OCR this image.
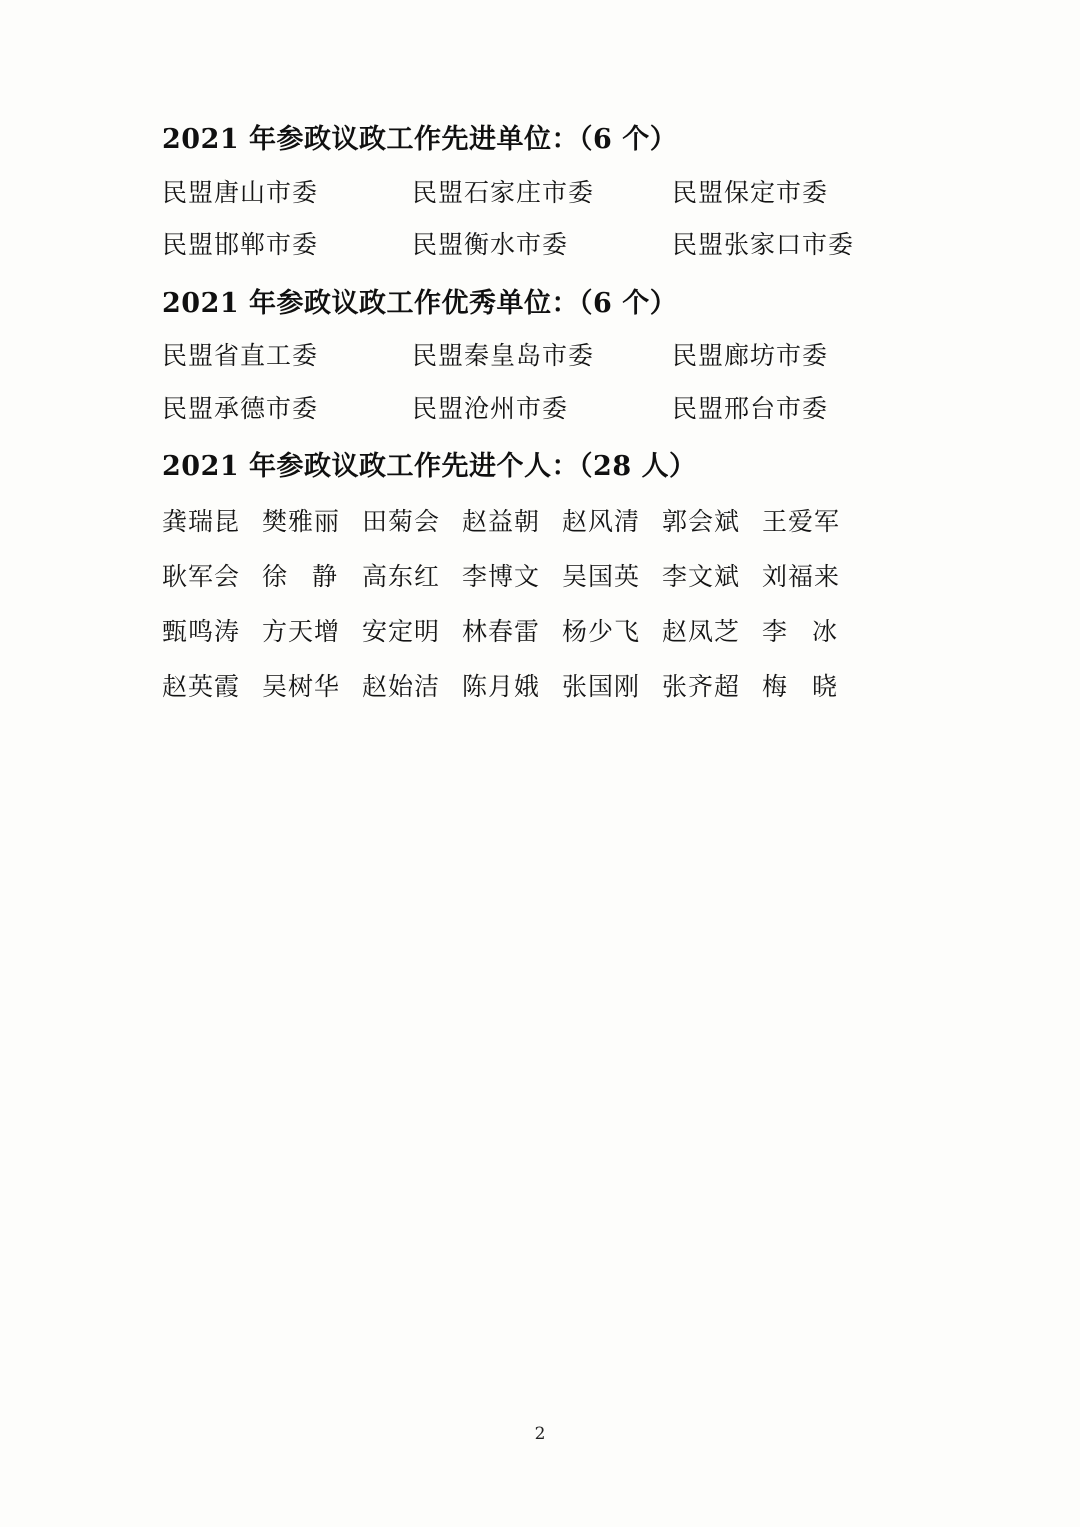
2021 年参政议政工作先进单位：（6 个）
民盟唐山市委	民盟石家庄市委	民盟保定市委
民盟邯郸市委	民盟衡水市委	民盟张家口市委
2021 年参政议政工作优秀单位：（6 个）
民盟省直工委	民盟秦皇岛市委	民盟廊坊市委
民盟承德市委	民盟沧州市委	民盟邢台市委
2021 年参政议政工作先进个人：（28 人）
龚瑞昆 樊雅丽 田菊会 赵益朝 赵风清 郭会斌 王爱军
耿军会 徐　静 高东红 李博文 吴国英 李文斌 刘福来
甄鸣涛 方天增 安定明 林春雷 杨少飞 赵凤芝 李　冰
赵英霞 吴树华 赵始洁 陈月娥 张国刚 张齐超 梅　晓
2
